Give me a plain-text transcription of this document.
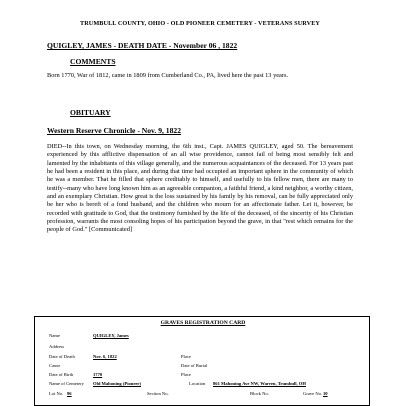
TRUMBULL COUNTY, OHIO - OLD PIONEER CEMETERY - VETERANS SURVEY
QUIGLEY, JAMES - DEATH DATE - November 06 , 1822
COMMENTS
Born 1770, War of 1812, came in 1809 from Cumberland Co., PA, lived here the past 13 years.
OBITUARY
Western Reserve Chronicle - Nov. 9, 1822
DIED--In this town, on Wednesday morning, the 6th inst., Capt. JAMES QUIGLEY, aged 50. The bereavement experienced by this afflictive dispensation of an all wise providence, cannot fail of being most sensibly felt and lamented by the inhabitants of this village generally, and the numerous acquaintances of the deceased. For 13 years past he had been a resident in this place, and during that time had occupied an important sphere in the community of which he was a member. That he filled that sphere creditably to himself, and usefully to his fellow men, there are many to testify--many who have long known him as an agreeable companion, a faithful friend, a kind neighbor, a worthy citizen, and an exemplary Christian. How great is the loss sustained by his family by his removal, can be fully appreciated only be her who is bereft of a fond husband, and the children who mourn for an affectionate father. Let it, however, be recorded with gratitude to God, that the testimony furnished by the life of the deceased, of the sincerity of his Christian profession, warrants the most consoling hopes of his participation beyond the grave, in that "rest which remains for the people of God." [Communicated]
GRAVES REGISTRATION CARD
Name	QUIGLEY, James
Address
Date of Death	Nov. 6, 1822	Place
Cause	Date of Burial
Date of Birth	1770	Place
Name of Cemetery Old Mahoning (Pioneer)	Location 861 Mahoning Ave NW, Warren, Trumbull, OH
Lot No. 96	Section No.	Block No.	Grave No. 10
